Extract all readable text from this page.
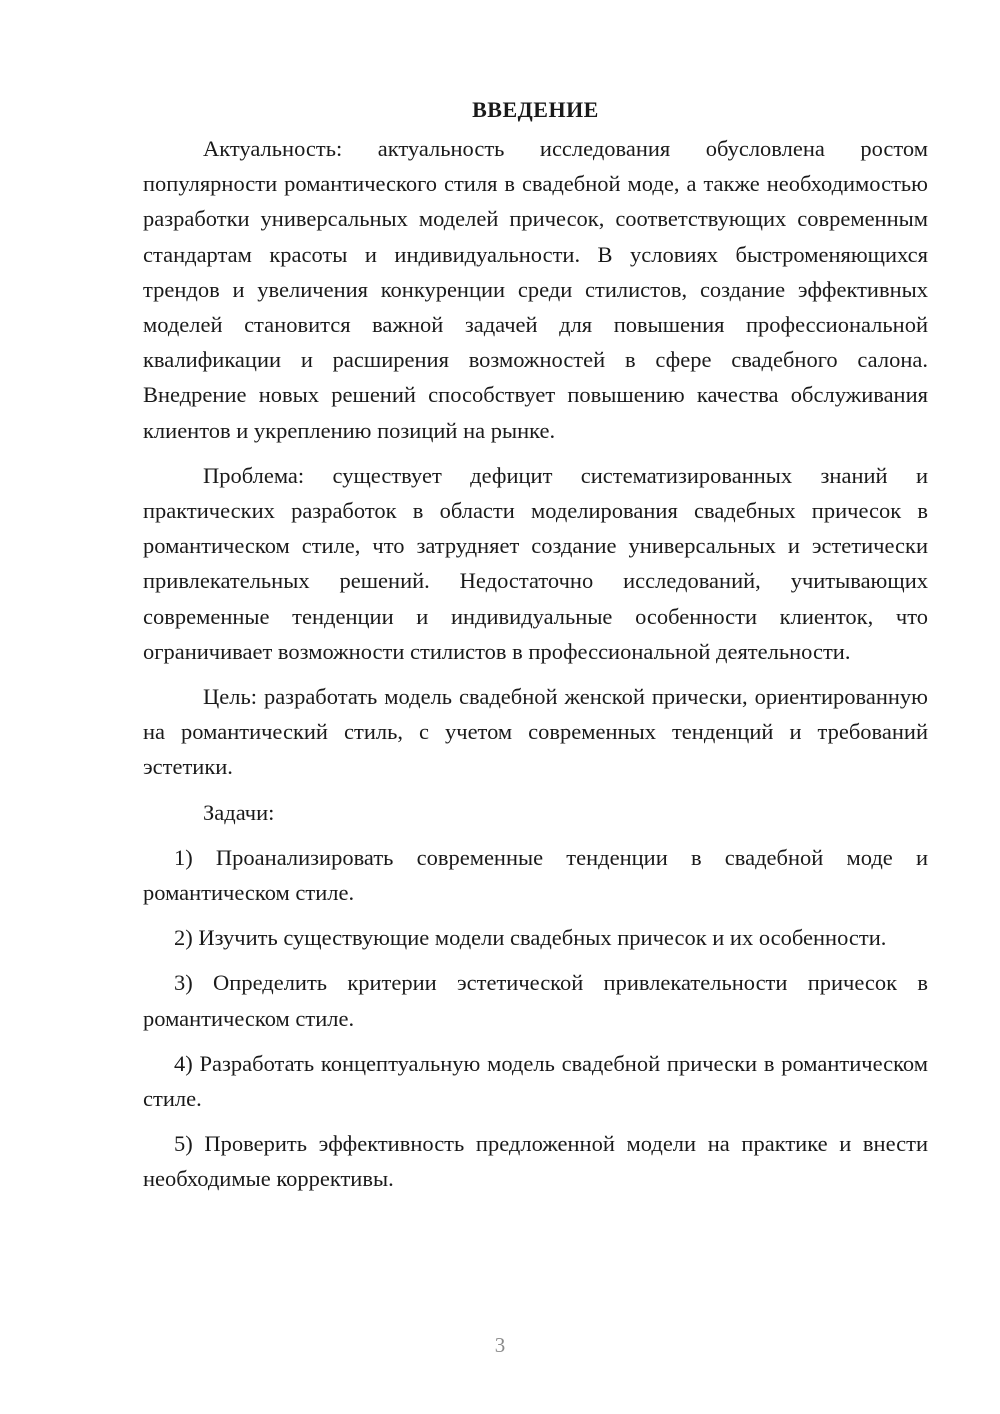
ВВЕДЕНИЕ

Актуальность: актуальность исследования обусловлена ростом популярности романтического стиля в свадебной моде, а также необходимостью разработки универсальных моделей причесок, соответствующих современным стандартам красоты и индивидуальности. В условиях быстроменяющихся трендов и увеличения конкуренции среди стилистов, создание эффективных моделей становится важной задачей для повышения профессиональной квалификации и расширения возможностей в сфере свадебного салона. Внедрение новых решений способствует повышению качества обслуживания клиентов и укреплению позиций на рынке.

Проблема: существует дефицит систематизированных знаний и практических разработок в области моделирования свадебных причесок в романтическом стиле, что затрудняет создание универсальных и эстетически привлекательных решений. Недостаточно исследований, учитывающих современные тенденции и индивидуальные особенности клиенток, что ограничивает возможности стилистов в профессиональной деятельности.

Цель: разработать модель свадебной женской прически, ориентированную на романтический стиль, с учетом современных тенденций и требований эстетики.

Задачи:

1) Проанализировать современные тенденции в свадебной моде и романтическом стиле.
2) Изучить существующие модели свадебных причесок и их особенности.
3) Определить критерии эстетической привлекательности причесок в романтическом стиле.
4) Разработать концептуальную модель свадебной прически в романтическом стиле.
5) Проверить эффективность предложенной модели на практике и внести необходимые коррективы.
3
